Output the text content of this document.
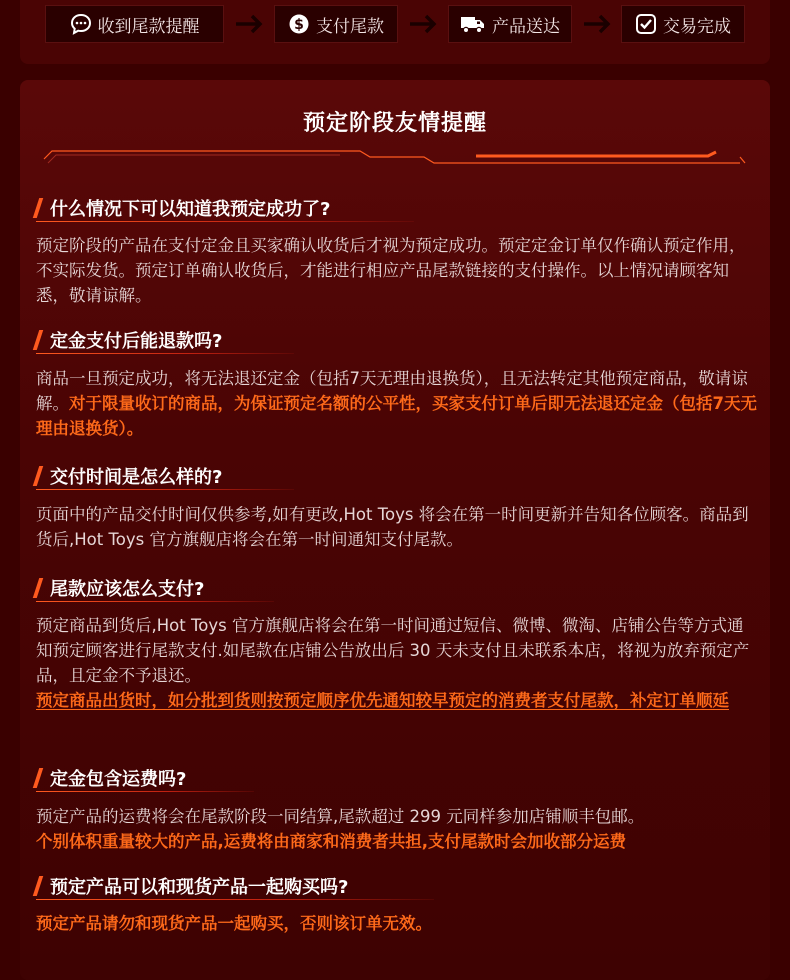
收到尾款提醒	$ 支付尾款	产品送达	交易完成
预定阶段友情提醒
什么情况下可以知道我预定成功了?
预定阶段的产品在支付定金且买家确认收货后才视为预定成功。预定定金订单仅作确认预定作用，不实际发货。预定订单确认收货后，才能进行相应产品尾款链接的支付操作。以上情况请顾客知悉，敬请谅解。
定金支付后能退款吗?
商品一旦预定成功，将无法退还定金（包括7天无理由退换货），且无法转定其他预定商品，敬请谅解。对于限量收订的商品，为保证预定名额的公平性，买家支付订单后即无法退还定金（包括7天无理由退换货）。
交付时间是怎么样的?
页面中的产品交付时间仅供参考,如有更改,Hot Toys 将会在第一时间更新并告知各位顾客。商品到货后,Hot Toys 官方旗舰店将会在第一时间通知支付尾款。
尾款应该怎么支付?
预定商品到货后,Hot Toys 官方旗舰店将会在第一时间通过短信、微博、微淘、店铺公告等方式通知预定顾客进行尾款支付.如尾款在店铺公告放出后 30 天未支付且未联系本店，将视为放弃预定产品，且定金不予退还。
预定商品出货时，如分批到货则按预定顺序优先通知较早预定的消费者支付尾款，补定订单顺延
定金包含运费吗?
预定产品的运费将会在尾款阶段一同结算,尾款超过 299 元同样参加店铺顺丰包邮。
个别体积重量较大的产品,运费将由商家和消费者共担,支付尾款时会加收部分运费
预定产品可以和现货产品一起购买吗?
预定产品请勿和现货产品一起购买，否则该订单无效。
